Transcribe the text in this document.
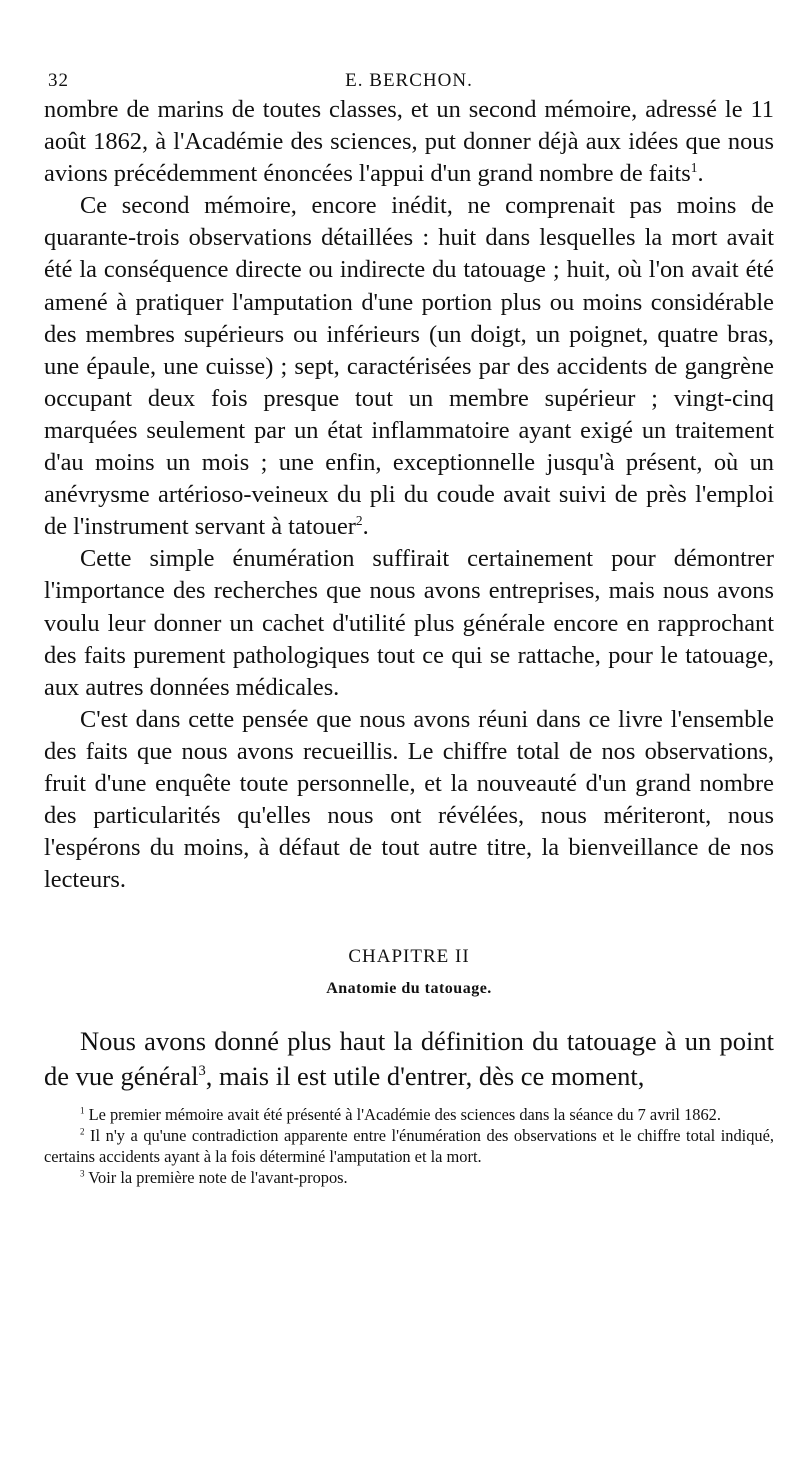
32	E. BERCHON.

nombre de marins de toutes classes, et un second mémoire, adressé le 11 août 1862, à l'Académie des sciences, put donner déjà aux idées que nous avions précédemment énoncées l'appui d'un grand nombre de faits$^1$.

Ce second mémoire, encore inédit, ne comprenait pas moins de quarante-trois observations détaillées : huit dans lesquelles la mort avait été la conséquence directe ou indirecte du tatouage ; huit, où l'on avait été amené à pratiquer l'amputation d'une portion plus ou moins considérable des membres supérieurs ou inférieurs (un doigt, un poignet, quatre bras, une épaule, une cuisse) ; sept, caractérisées par des accidents de gangrène occupant deux fois presque tout un membre supérieur ; vingt-cinq marquées seulement par un état inflammatoire ayant exigé un traitement d'au moins un mois ; une enfin, exceptionnelle jusqu'à présent, où un anévrysme artérioso-veineux du pli du coude avait suivi de près l'emploi de l'instrument servant à tatouer$^2$.

Cette simple énumération suffirait certainement pour démontrer l'importance des recherches que nous avons entreprises, mais nous avons voulu leur donner un cachet d'utilité plus générale encore en rapprochant des faits purement pathologiques tout ce qui se rattache, pour le tatouage, aux autres données médicales.

C'est dans cette pensée que nous avons réuni dans ce livre l'ensemble des faits que nous avons recueillis. Le chiffre total de nos observations, fruit d'une enquête toute personnelle, et la nouveauté d'un grand nombre des particularités qu'elles nous ont révélées, nous mériteront, nous l'espérons du moins, à défaut de tout autre titre, la bienveillance de nos lecteurs.

CHAPITRE II
Anatomie du tatouage.

Nous avons donné plus haut la définition du tatouage à un point de vue général$^3$, mais il est utile d'entrer, dès ce moment,

$^1$ Le premier mémoire avait été présenté à l'Académie des sciences dans la séance du 7 avril 1862.

$^2$ Il n'y a qu'une contradiction apparente entre l'énumération des observations et le chiffre total indiqué, certains accidents ayant à la fois déterminé l'amputation et la mort.

$^3$ Voir la première note de l'avant-propos.
